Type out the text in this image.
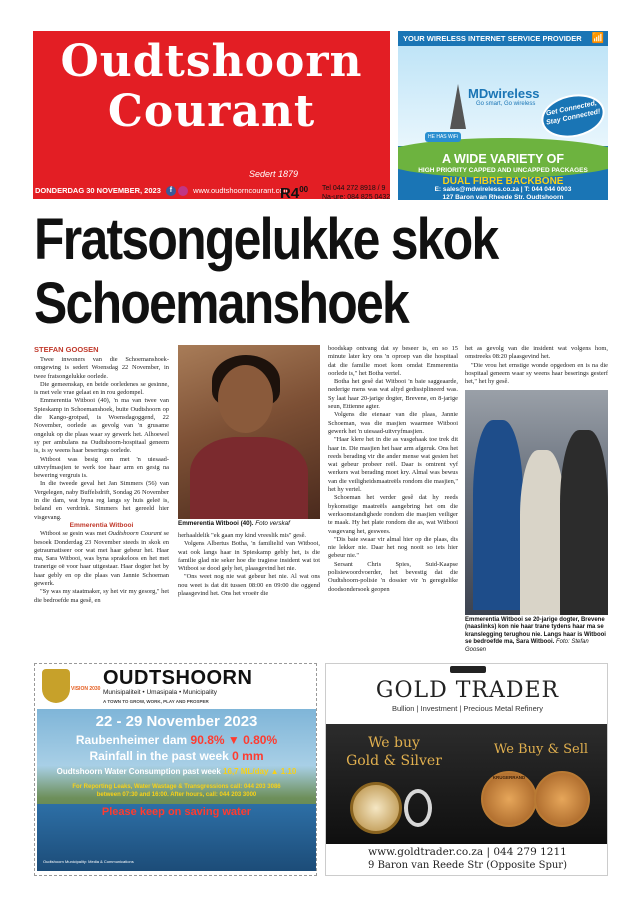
Oudtshoorn
Courant
Sedert 1879
DONDERDAG 30 NOVEMBER, 2023 f	www.oudtshoorncourant.com
$R4^{00}$ Tel 044 272 8918 / 9
Na-ure: 084 825 0432
YOUR WIRELESS INTERNET SERVICE PROVIDER 📶
MDwireless
Go smart, Go wireless
HE HAS WiFi
Get Connected, Stay Connected!
A WIDE VARIETY OF
HIGH PRIORITY CAPPED AND UNCAPPED PACKAGES
DUAL FIBRE BACKBONE
E: sales@mdwireless.co.za | T: 044 044 0003
127 Baron van Rheede Str. Oudtshoorn
Fratsongelukke skok
Schoemanshoek
STEFAN GOOSEN

Twee inwoners van die Schoemanshoek-omgewing is sedert Woensdag 22 November, in twee fratsongelukke oorlede.

Die gemeenskap, en beide oorledenes se gesinne, is met vele vrae gelaat en in rou gedompel.

Emmerentia Witbooi (40), 'n ma van twee van Spieskamp in Schoemanshoek, buite Oudtshoorn op die Kango-grotpad, is Woensdagoggend, 22 November, oorlede as gevolg van 'n grusame ongeluk op die plaas waar sy gewerk het. Alhoewel sy per ambulans na Oudtshoorn-hospitaal geneem is, is sy weens haar beserings oorlede.

Witbooi was besig om met 'n uiesaad-uitvryfmasjien te werk toe haar arm en gesig na bewering vergruis is.

In die tweede geval het Jan Simmers (56) van Vergelegen, naby Buffelsdrift, Sondag 26 November in die dam, wat byna reg langs sy huis geleë is, beland en verdrink. Simmers het gereeld hier visgevang.

Emmerentia Witbooi

Witbooi se gesin was met Oudtshoorn Courant se besoek Donderdag 23 November steeds in skok en getraumatiseer oor wat met haar gebeur het. Haar ma, Sara Witbooi, was byna sprakeloos en het met tranerige oë voor haar uitgestaar. Haar dogter het by haar gebly en op die plaas van Jannie Schoeman gewerk.

"Sy was my staatmaker, sy het vir my gesorg," het die bedroefde ma gesê, en

Emmerentia Witbooi (40). Foto verskaf

herhaaldelik "ek gaan my kind vreeslik mis" gesê.

Volgens Albertus Botha, 'n familielid van Witbooi, wat ook langs haar in Spieskamp gebly het, is die familie glad nie seker hoe die tragiese insident wat tot Witbooi se dood gely het, plaasgevind het nie.

"Ons weet nog nie wat gebeur het nie. Al wat ons nou weet is dat dit tussen 08:00 en 09:00 die oggend plaasgevind het. Ons het vroeër die

boodskap ontvang dat sy beseer is, en so 15 minute later kry ons 'n oproep van die hospitaal dat die familie moet kom omdat Emmerentia oorlede is," het Botha vertel.

Botha het gesê dat Witbooi 'n baie saggeaarde, nederige mens was wat altyd gedissiplineerd was. Sy laat haar 20-jarige dogter, Brevene, en 8-jarige seun, Ettienne agter.

Volgens die eienaar van die plaas, Jannie Schoeman, was die masjien waarmee Witbooi gewerk het 'n uiesaad-uitvryfmasjien.

"Haar klere het in die as vasgehaak toe trek dit haar in. Die masjien het haar arm afgeruk. Ons het reeds berading vir die ander mense wat gesien het wat gebeur probeer reël. Daar is omtrent vyf werkers wat berading moet kry. Almal was bewus van die veiligheidsmaatreëls rondom die masjien," het hy vertel.

Schoeman het verder gesê dat hy reeds bykomstige maatreëls aangebring het om die werksomstandighede rondom die masjien veiliger te maak. Hy het plate rondom die as, wat Witbooi vasgevang het, geswees.

"Dis baie swaar vir almal hier op die plaas, dis nie lekker nie. Daar het nog nooit so iets hier gebeur nie."

Sersant Chris Spies, Suid-Kaapse polisiewoordvoerder, het bevestig dat die Oudtshoorn-polisie 'n dossier vir 'n geregtelike doodsondersoek geopen

het as gevolg van die insident wat volgens hom, omstreeks 08:20 plaasgevind het.

"Die vrou het ernstige wonde opgedoen en is na die hospitaal geneem waar sy weens haar beserings gesterf het," het hy gesê.

Emmerentia Witbooi se 20-jarige dogter, Brevene (naaslinks) kon nie haar trane tydens haar ma se kranslegging terughou nie. Langs haar is Witbooi se bedroefde ma, Sara Witbooi. Foto: Stefan Goosen
VISION 2030 OUDTSHOORN
Munisipaliteit • Umasipala • Municipality
A TOWN TO GROW, WORK, PLAY AND PROSPER
22 - 29 November 2023
Raubenheimer dam 90.8% ▼ 0.80%
Rainfall in the past week 0 mm
Oudtshoorn Water Consumption past week 16,7 ML/day ▲ 1.10
For Reporting Leaks, Water Wastage & Transgressions call: 044 203 3086
between 07:30 and 16:00. After hours, call: 044 203 3000
Please keep on saving water
Oudtshoorn Municipality: Media & Communications
GOLD TRADER
Bullion | Investment | Precious Metal Refinery
We buy
Gold & Silver
We Buy & Sell
KRUGERRAND
www.goldtrader.co.za | 044 279 1211
9 Baron van Reede Str (Opposite Spur)
